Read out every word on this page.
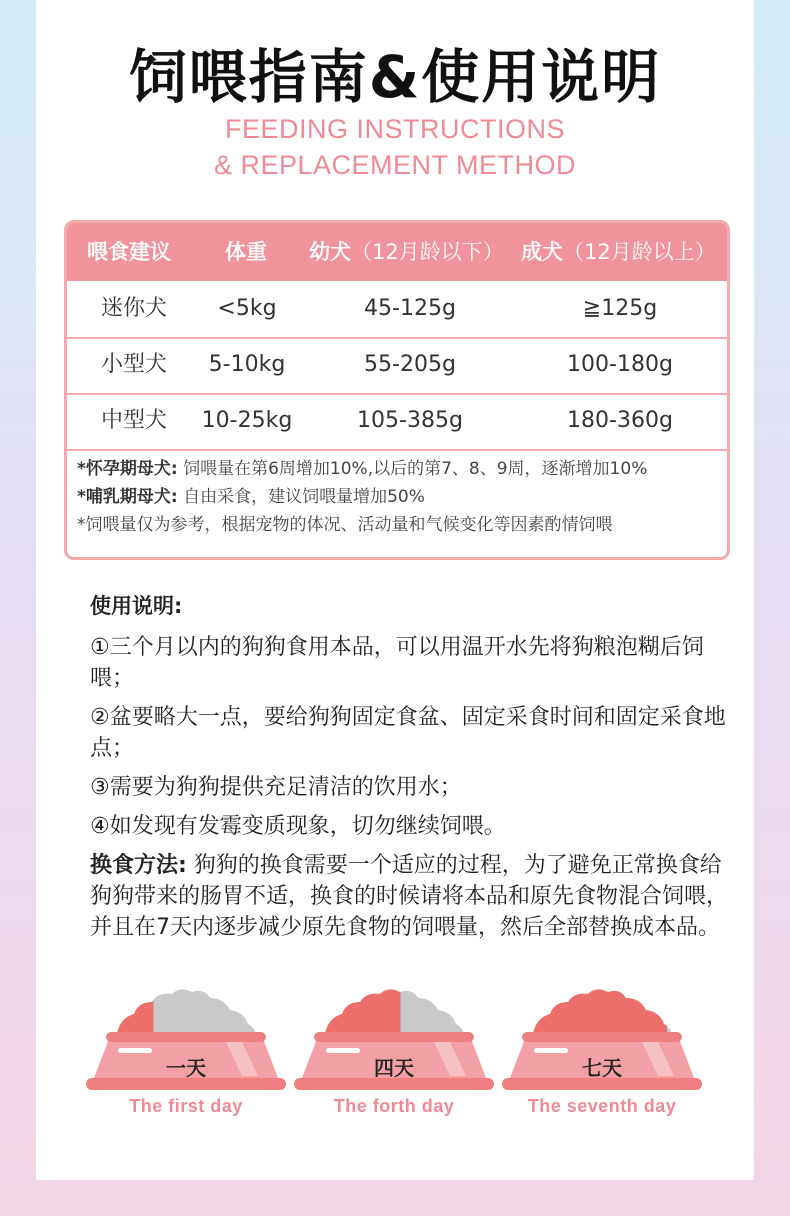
饲喂指南&使用说明
FEEDING INSTRUCTIONS
& REPLACEMENT METHOD
喂食建议	体重 幼犬（12月龄以下） 成犬（12月龄以上）
迷你犬	<5kg	45-125g	≧125g
小型犬	5-10kg	55-205g	100-180g
中型犬	10-25kg	105-385g	180-360g
*怀孕期母犬: 饲喂量在第6周增加10%,以后的第7、8、9周，逐渐增加10%
*哺乳期母犬: 自由采食，建议饲喂量增加50%
*饲喂量仅为参考，根据宠物的体况、活动量和气候变化等因素酌情饲喂
使用说明:
①三个月以内的狗狗食用本品，可以用温开水先将狗粮泡糊后饲喂；
②盆要略大一点，要给狗狗固定食盆、固定采食时间和固定采食地点；
③需要为狗狗提供充足清洁的饮用水；
④如发现有发霉变质现象，切勿继续饲喂。
换食方法: 狗狗的换食需要一个适应的过程，为了避免正常换食给狗狗带来的肠胃不适，换食的时候请将本品和原先食物混合饲喂，并且在7天内逐步减少原先食物的饲喂量，然后全部替换成本品。
一天
The first day
四天
The forth day
七天
The seventh day
